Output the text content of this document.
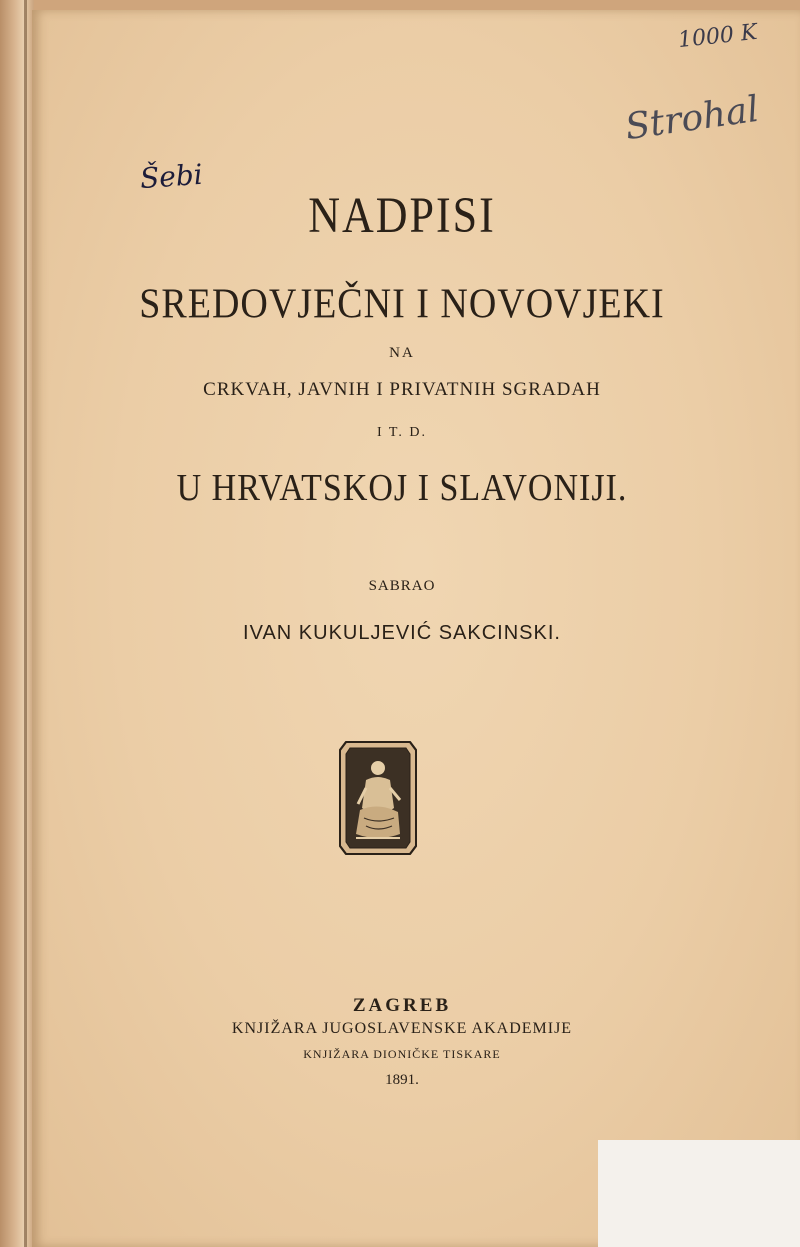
1000 K
Strohal
Šebi
NADPISI
SREDOVJEČNI I NOVOVJEKI
NA
CRKVAH, JAVNIH I PRIVATNIH SGRADAH
I T. D.
U HRVATSKOJ I SLAVONIJI.
SABRAO
IVAN KUKULJEVIĆ SAKCINSKI.
ZAGREB
KNJIŽARA JUGOSLAVENSKE AKADEMIJE
KNJIŽARA DIONIČKE TISKARE
1891.
